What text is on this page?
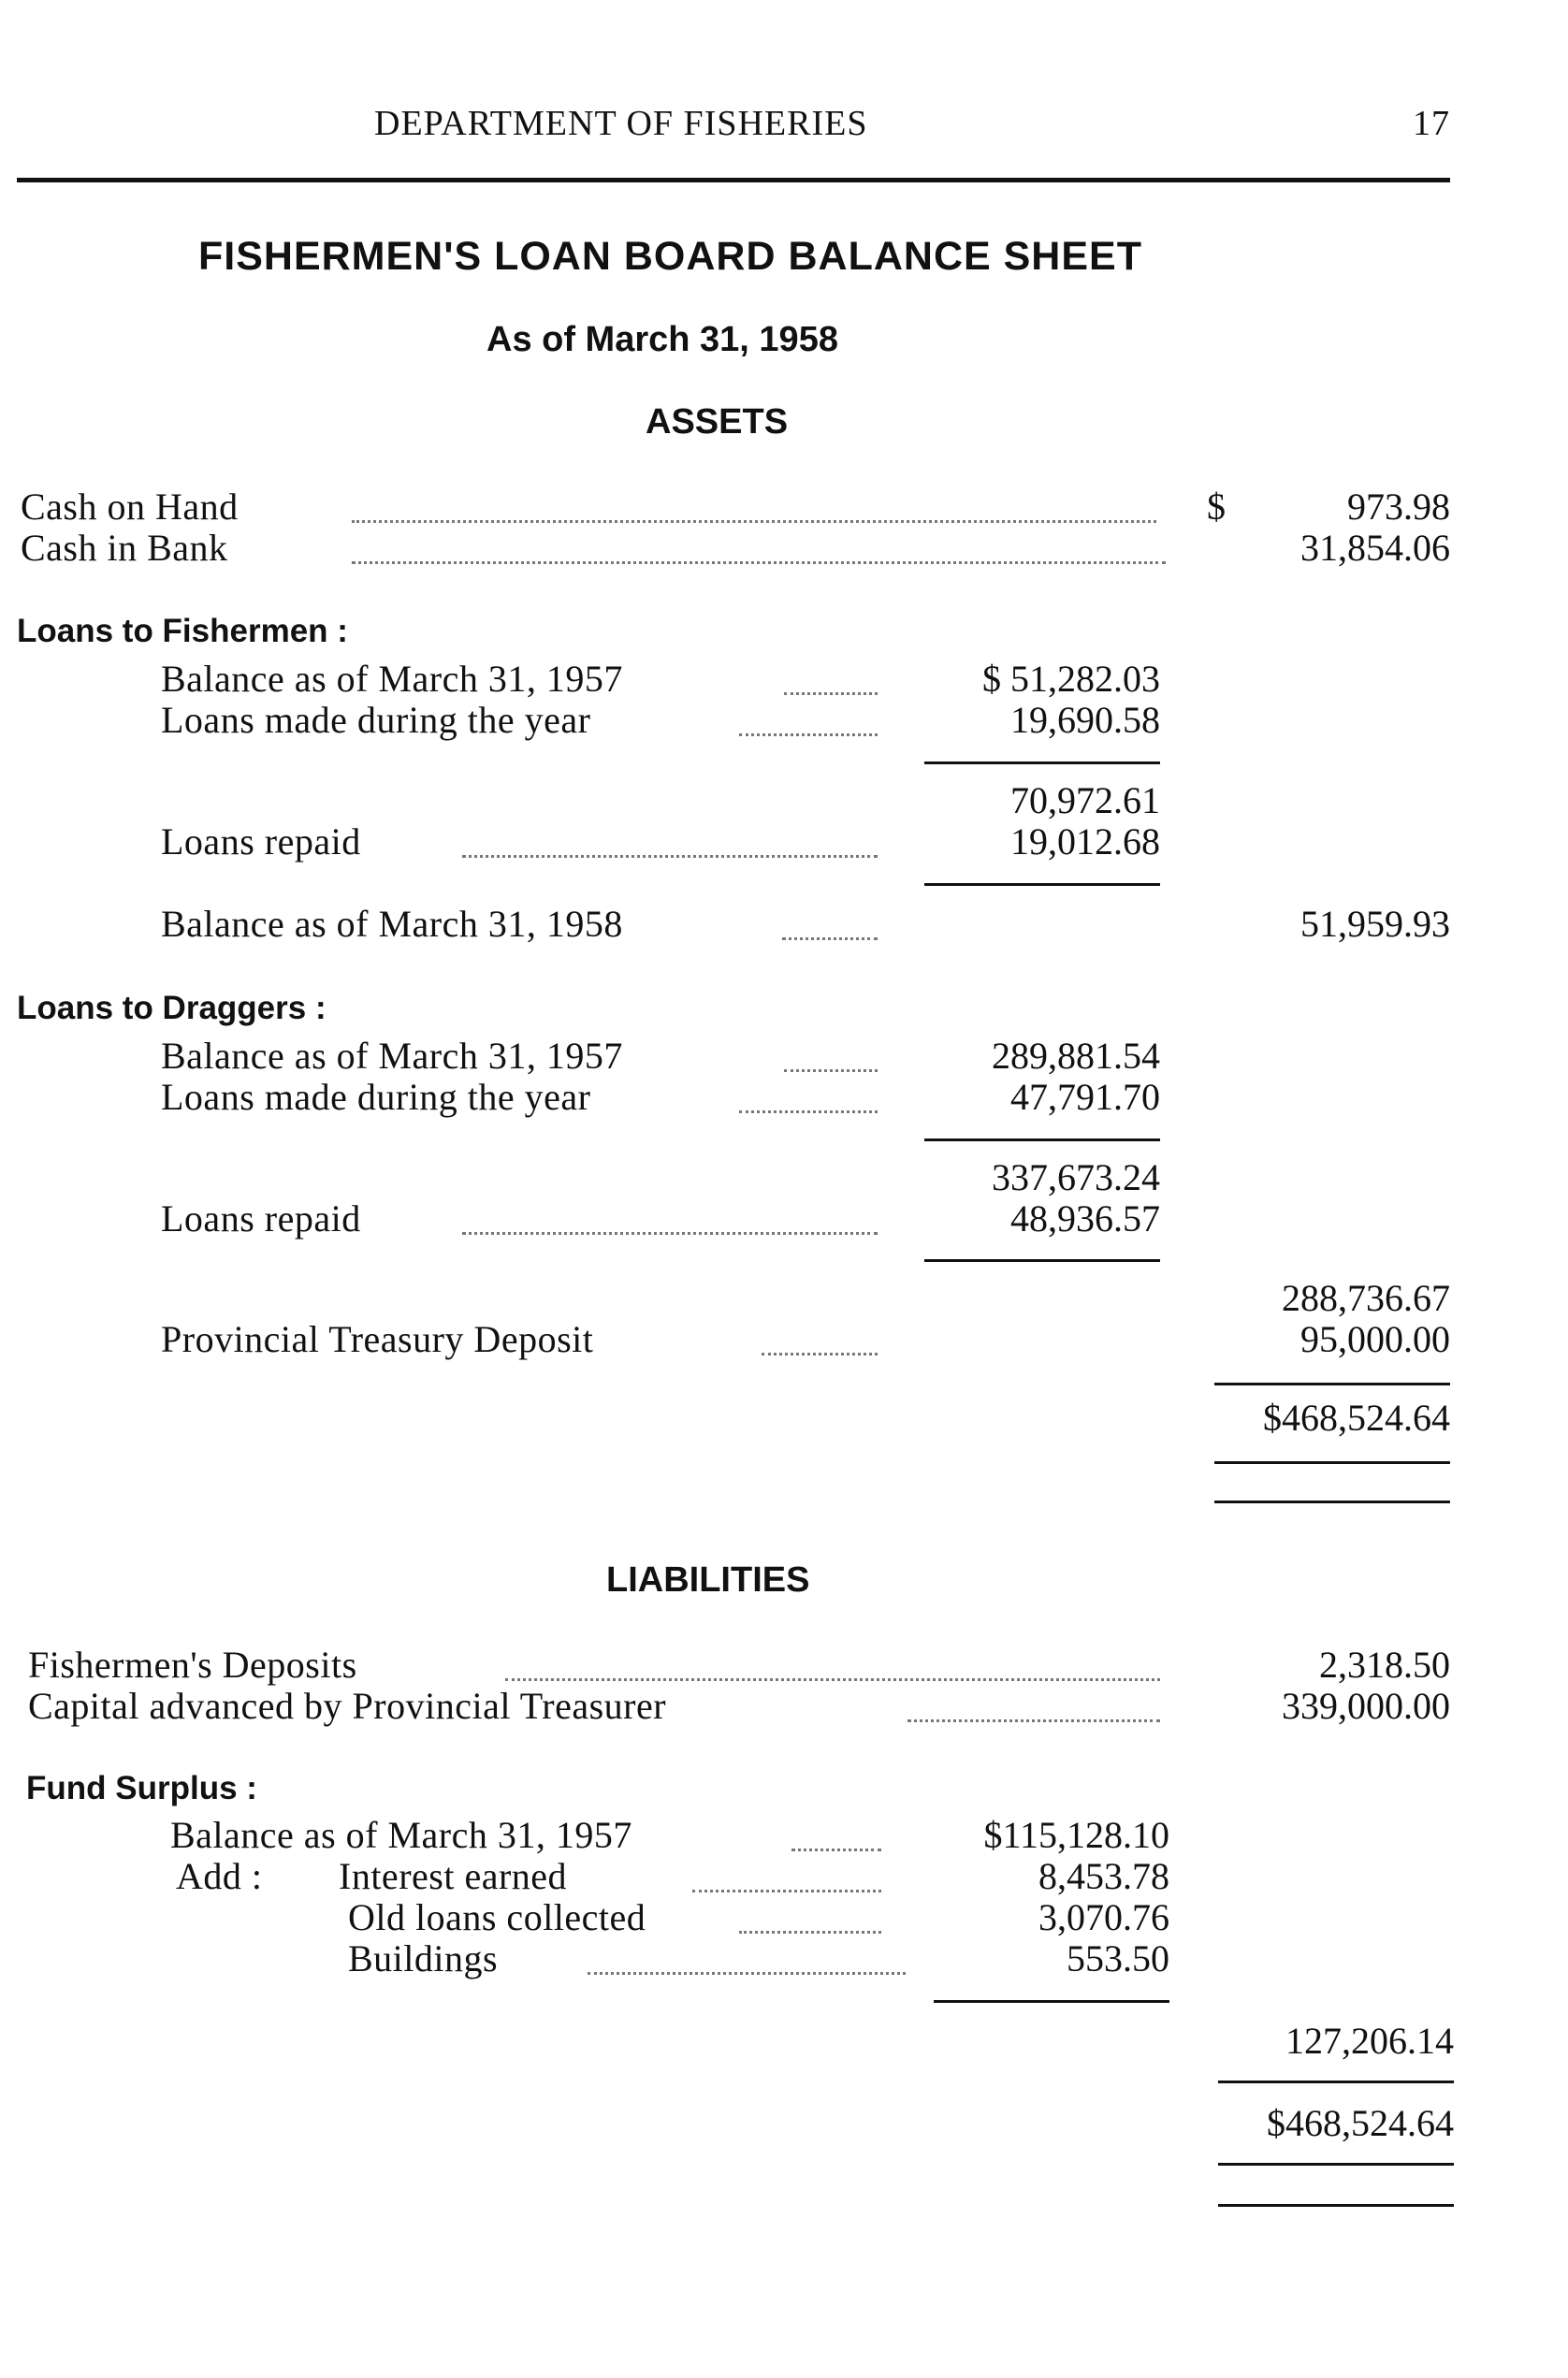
DEPARTMENT OF FISHERIES	17
FISHERMEN'S LOAN BOARD BALANCE SHEET
As of March 31, 1958
ASSETS
Cash on Hand	$	973.98
Cash in Bank	31,854.06
Loans to Fishermen :
Balance as of March 31, 1957	$ 51,282.03
Loans made during the year	19,690.58
70,972.61
Loans repaid	19,012.68
Balance as of March 31, 1958	51,959.93
Loans to Draggers :
Balance as of March 31, 1957	289,881.54
Loans made during the year	47,791.70
337,673.24
Loans repaid	48,936.57
288,736.67
Provincial Treasury Deposit	95,000.00
$468,524.64
LIABILITIES
Fishermen's Deposits	2,318.50
Capital advanced by Provincial Treasurer	339,000.00
Fund Surplus :
Balance as of March 31, 1957	$115,128.10
Add : Interest earned	8,453.78
Old loans collected	3,070.76
Buildings	553.50
127,206.14
$468,524.64
